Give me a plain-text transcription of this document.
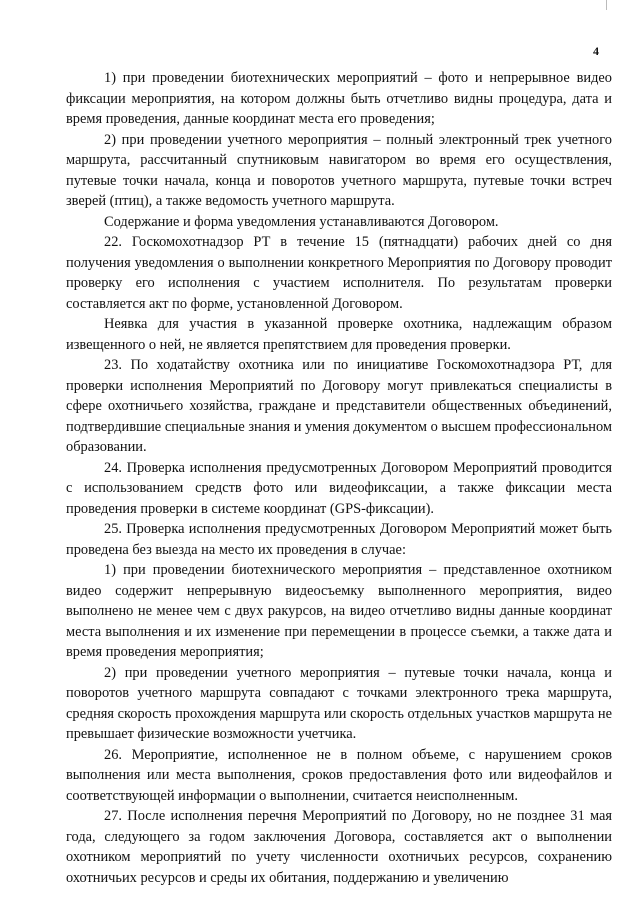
4

1) при проведении биотехнических мероприятий – фото и непрерывное видео фиксации мероприятия, на котором должны быть отчетливо видны процедура, дата и время проведения, данные координат места его проведения;

2) при проведении учетного мероприятия – полный электронный трек учетного маршрута, рассчитанный спутниковым навигатором во время его осуществления, путевые точки начала, конца и поворотов учетного маршрута, путевые точки встреч зверей (птиц), а также ведомость учетного маршрута.

Содержание и форма уведомления устанавливаются Договором.

22. Госкомохотнадзор РТ в течение 15 (пятнадцати) рабочих дней со дня получения уведомления о выполнении конкретного Мероприятия по Договору проводит проверку его исполнения с участием исполнителя. По результатам проверки составляется акт по форме, установленной Договором.

Неявка для участия в указанной проверке охотника, надлежащим образом извещенного о ней, не является препятствием для проведения проверки.

23. По ходатайству охотника или по инициативе Госкомохотнадзора РТ, для проверки исполнения Мероприятий по Договору могут привлекаться специалисты в сфере охотничьего хозяйства, граждане и представители общественных объединений, подтвердившие специальные знания и умения документом о высшем профессиональном образовании.

24. Проверка исполнения предусмотренных Договором Мероприятий проводится с использованием средств фото или видеофиксации, а также фиксации места проведения проверки в системе координат (GPS-фиксации).

25. Проверка исполнения предусмотренных Договором Мероприятий может быть проведена без выезда на место их проведения в случае:

1) при проведении биотехнического мероприятия – представленное охотником видео содержит непрерывную видеосъемку выполненного мероприятия, видео выполнено не менее чем с двух ракурсов, на видео отчетливо видны данные координат места выполнения и их изменение при перемещении в процессе съемки, а также дата и время проведения мероприятия;

2) при проведении учетного мероприятия – путевые точки начала, конца и поворотов учетного маршрута совпадают с точками электронного трека маршрута, средняя скорость прохождения маршрута или скорость отдельных участков маршрута не превышает физические возможности учетчика.

26. Мероприятие, исполненное не в полном объеме, с нарушением сроков выполнения или места выполнения, сроков предоставления фото или видеофайлов и соответствующей информации о выполнении, считается неисполненным.

27. После исполнения перечня Мероприятий по Договору, но не позднее 31 мая года, следующего за годом заключения Договора, составляется акт о выполнении охотником мероприятий по учету численности охотничьих ресурсов, сохранению охотничьих ресурсов и среды их обитания, поддержанию и увеличению
